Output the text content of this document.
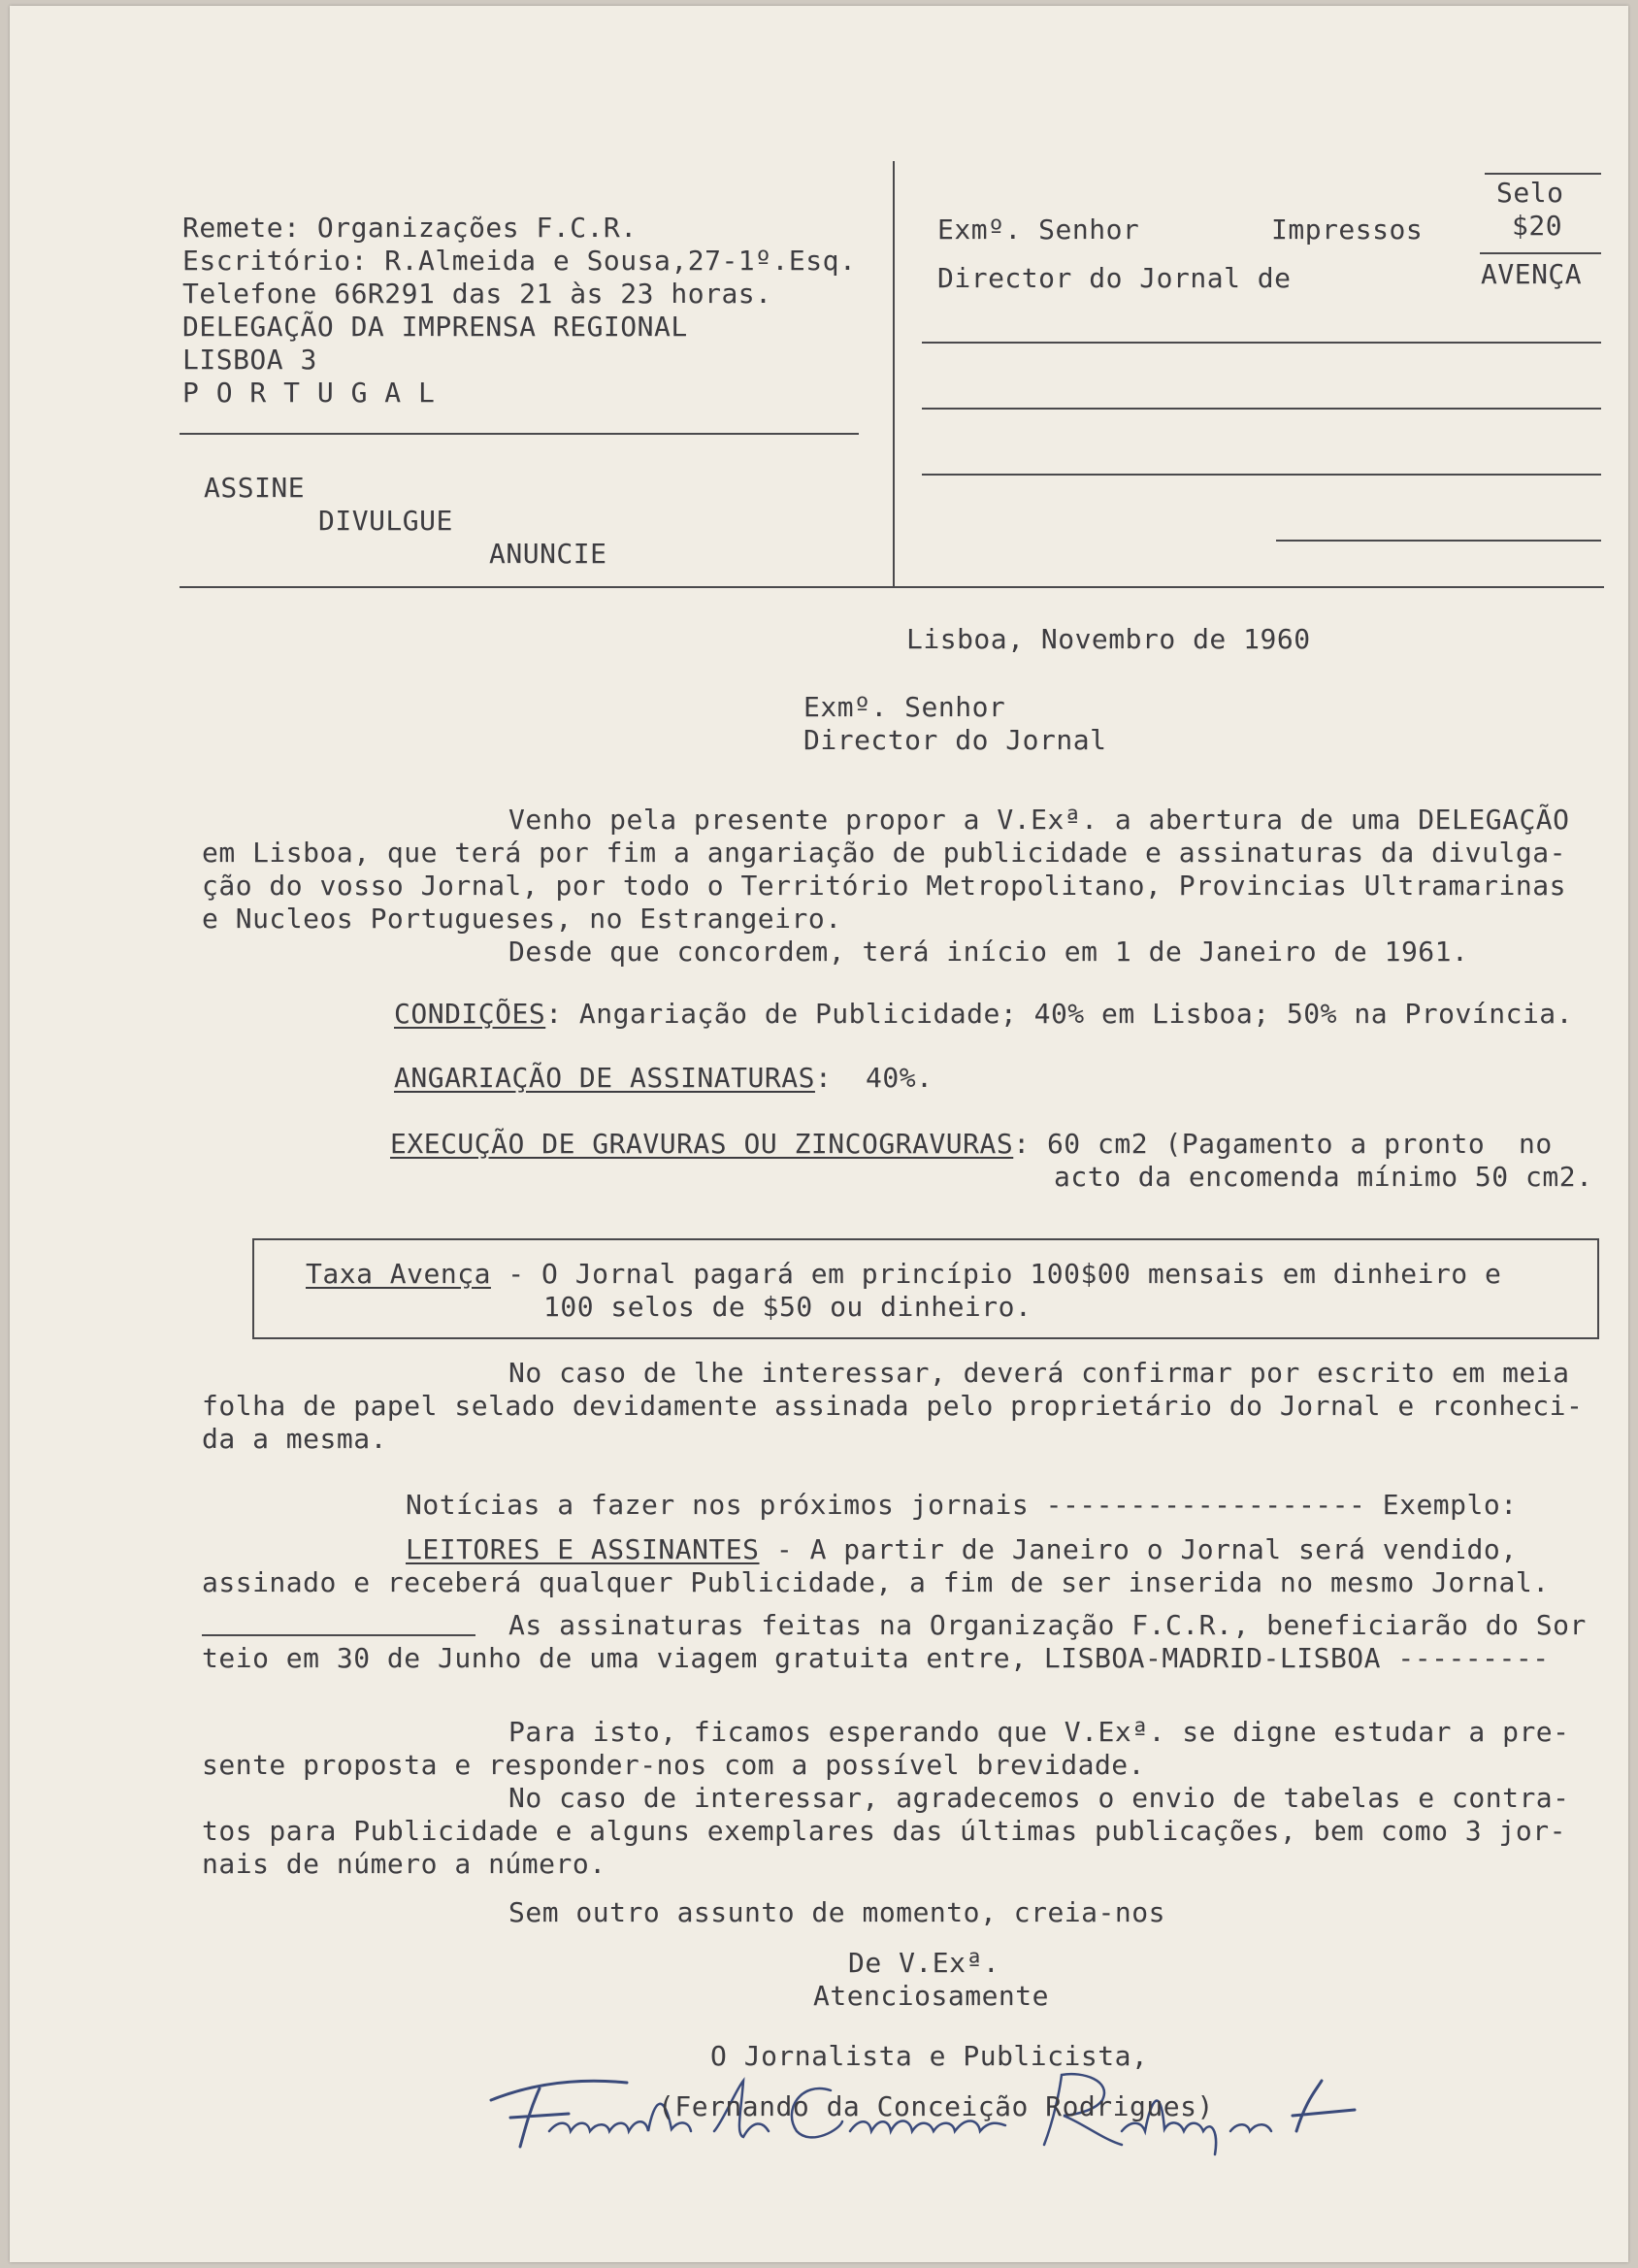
Remete: Organizações F.C.R.
Escritório: R.Almeida e Sousa,27-1º.Esq.
Telefone 66R291 das 21 às 23 horas.
DELEGAÇÃO DA IMPRENSA REGIONAL
LISBOA 3
P O R T U G A L
ASSINE
DIVULGUE
ANUNCIE
Exmº. Senhor	Impressos
Director do Jornal de
Selo
$20
AVENÇA
Lisboa, Novembro de 1960
Exmº. Senhor
Director do Jornal
Venho pela presente propor a V.Exª. a abertura de uma DELEGAÇÃO
em Lisboa, que terá por fim a angariação de publicidade e assinaturas da divulga-
ção do vosso Jornal, por todo o Território Metropolitano, Provincias Ultramarinas
e Nucleos Portugueses, no Estrangeiro.
Desde que concordem, terá início em 1 de Janeiro de 1961.
CONDIÇÕES: Angariação de Publicidade; 40% em Lisboa; 50% na Província.
ANGARIAÇÃO DE ASSINATURAS:  40%.
EXECUÇÃO DE GRAVURAS OU ZINCOGRAVURAS: 60 cm2 (Pagamento a pronto  no
acto da encomenda mínimo 50 cm2.
Taxa Avença - O Jornal pagará em princípio 100$00 mensais em dinheiro e
100 selos de $50 ou dinheiro.
No caso de lhe interessar, deverá confirmar por escrito em meia
folha de papel selado devidamente assinada pelo proprietário do Jornal e rconheci-
da a mesma.
Notícias a fazer nos próximos jornais ------------------- Exemplo:
LEITORES E ASSINANTES - A partir de Janeiro o Jornal será vendido,
assinado e receberá qualquer Publicidade, a fim de ser inserida no mesmo Jornal.
As assinaturas feitas na Organização F.C.R., beneficiarão do Sor
teio em 30 de Junho de uma viagem gratuita entre, LISBOA-MADRID-LISBOA ---------
Para isto, ficamos esperando que V.Exª. se digne estudar a pre-
sente proposta e responder-nos com a possível brevidade.
No caso de interessar, agradecemos o envio de tabelas e contra-
tos para Publicidade e alguns exemplares das últimas publicações, bem como 3 jor-
nais de número a número.
Sem outro assunto de momento, creia-nos
De V.Exª.
Atenciosamente
O Jornalista e Publicista,
(Fernando da Conceição Rodrigues)
